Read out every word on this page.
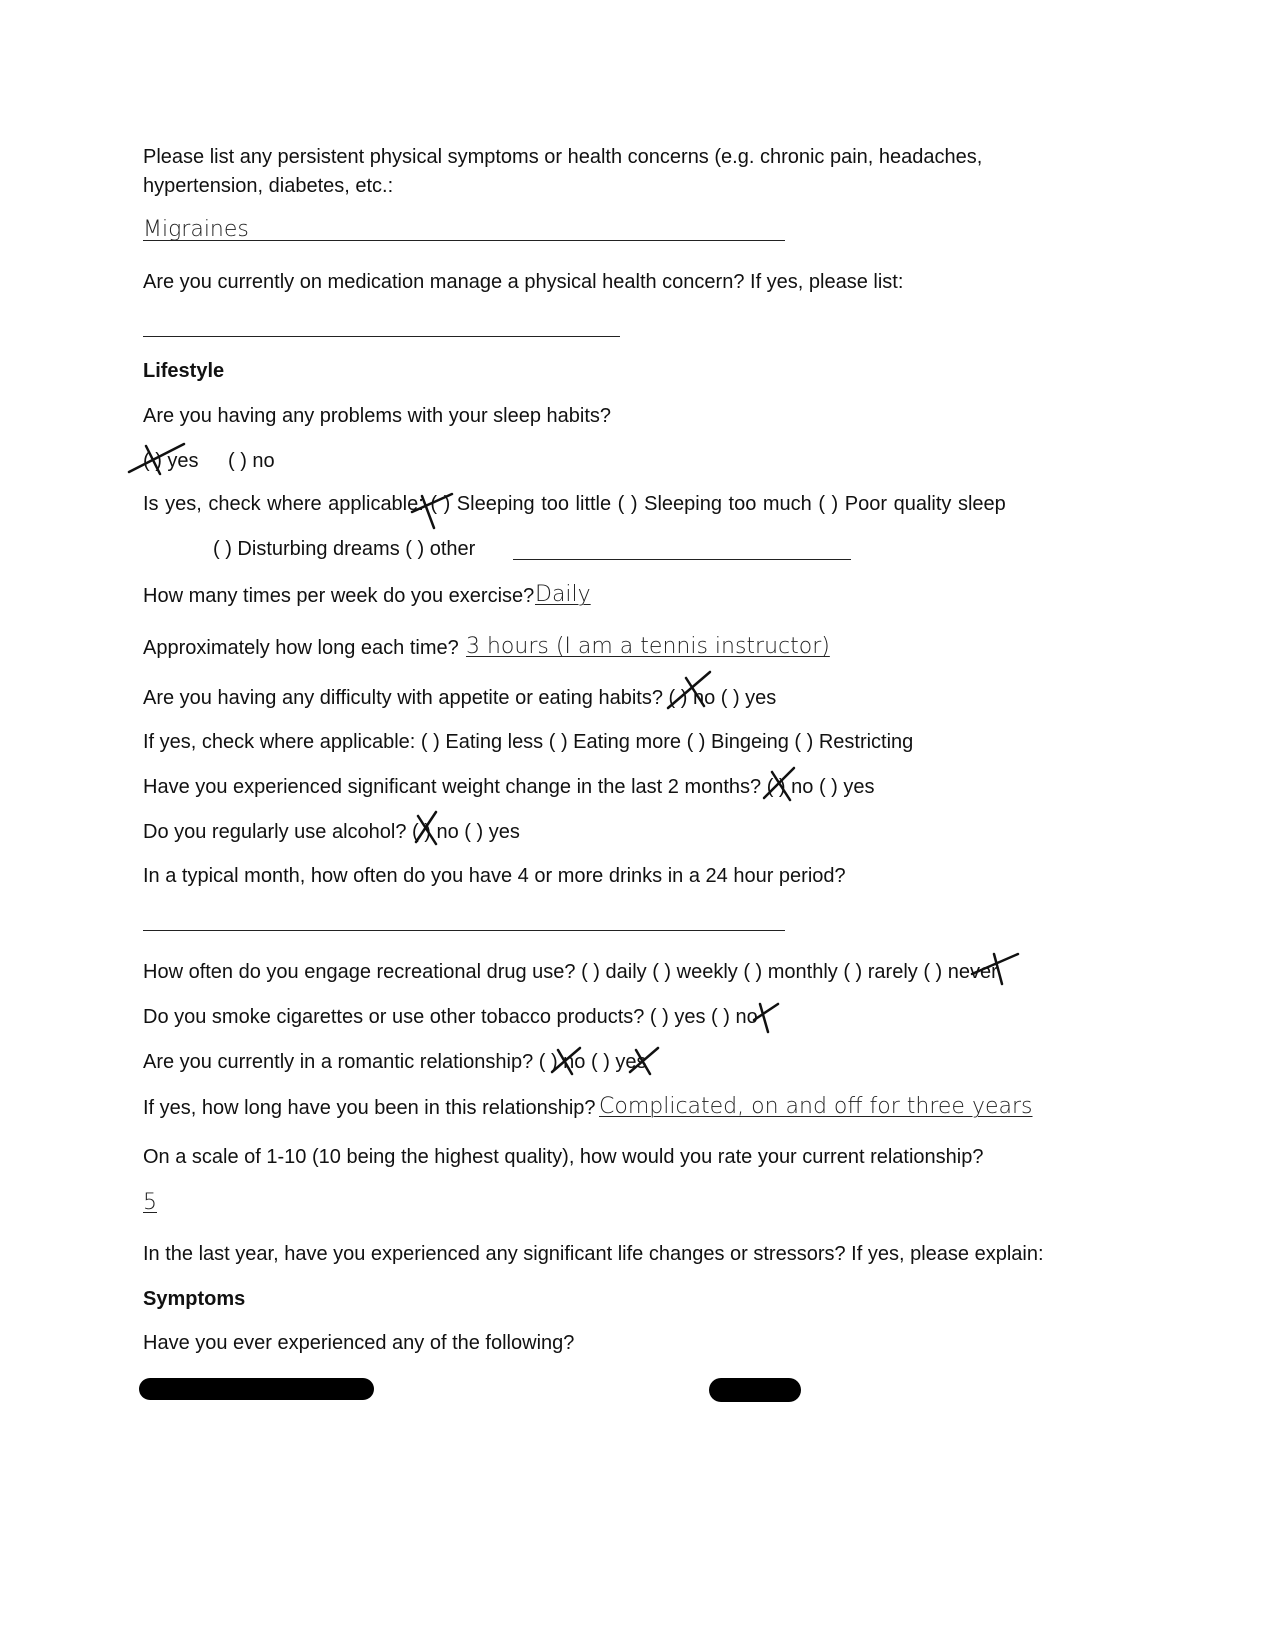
Please list any persistent physical symptoms or health concerns (e.g. chronic pain, headaches,
hypertension, diabetes, etc.:
Migraines
Are you currently on medication manage a physical health concern? If yes, please list:
Lifestyle
Are you having any problems with your sleep habits?
( ) yes ( ) no
Is yes, check where applicable: ( ) Sleeping too little ( ) Sleeping too much ( ) Poor quality sleep
( ) Disturbing dreams ( ) other
How many times per week do you exercise? Daily
Approximately how long each time? 3 hours (I am a tennis instructor)
Are you having any difficulty with appetite or eating habits? ( ) no ( ) yes
If yes, check where applicable: ( ) Eating less ( ) Eating more ( ) Bingeing ( ) Restricting
Have you experienced significant weight change in the last 2 months? ( ) no ( ) yes
Do you regularly use alcohol? ( ) no ( ) yes
In a typical month, how often do you have 4 or more drinks in a 24 hour period?
How often do you engage recreational drug use? ( ) daily ( ) weekly ( ) monthly ( ) rarely ( ) never
Do you smoke cigarettes or use other tobacco products? ( ) yes ( ) no
Are you currently in a romantic relationship? ( ) no ( ) yes
If yes, how long have you been in this relationship? Complicated, on and off for three years
On a scale of 1-10 (10 being the highest quality), how would you rate your current relationship?
5
In the last year, have you experienced any significant life changes or stressors? If yes, please explain:
Symptoms
Have you ever experienced any of the following?
